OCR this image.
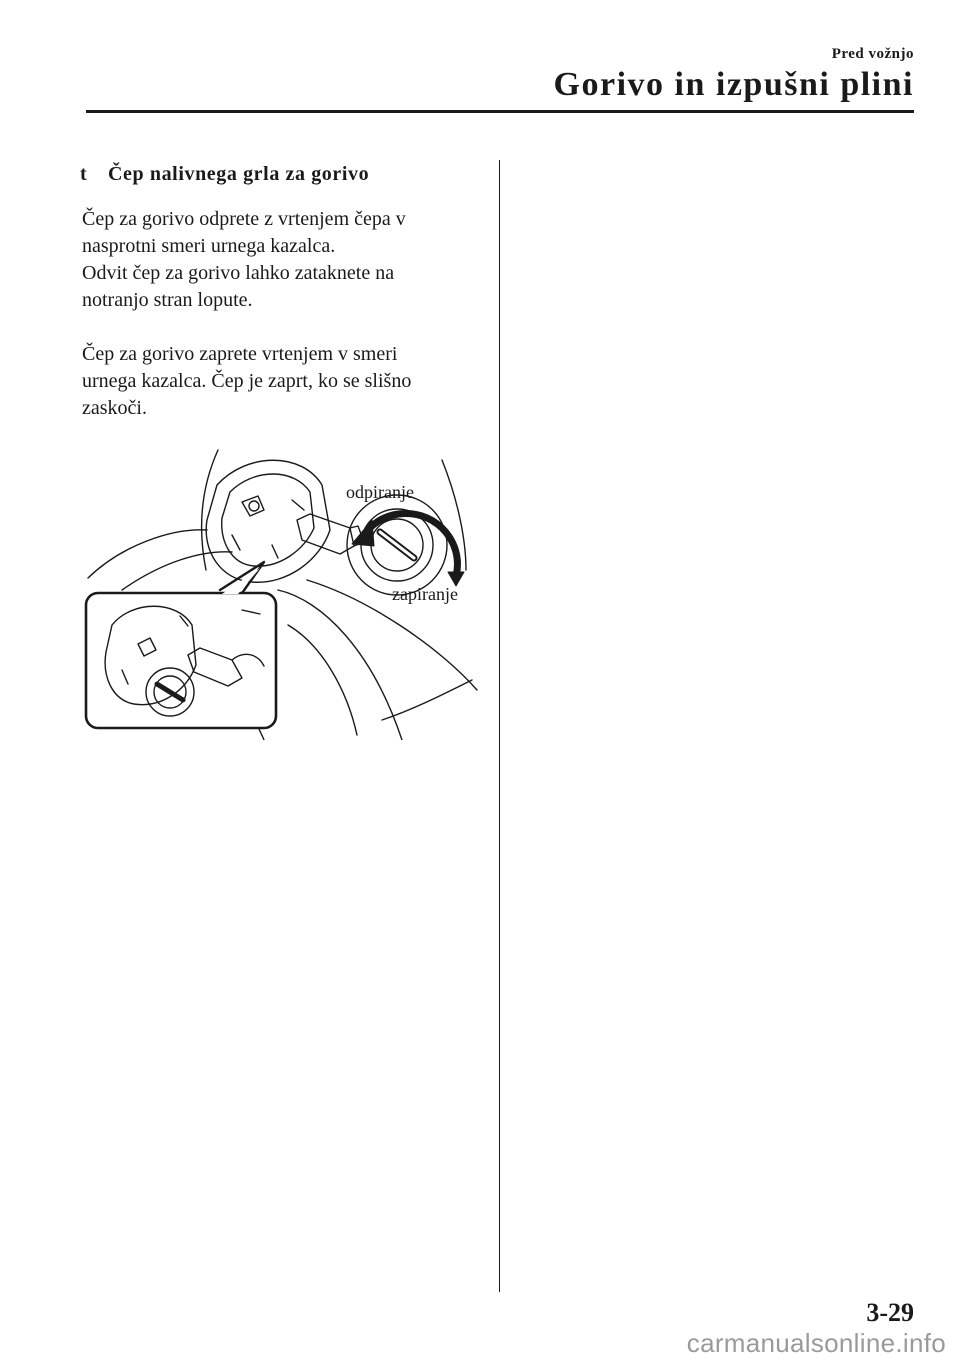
Pred vožnjo
Gorivo in izpušni plini
t Čep nalivnega grla za gorivo

Čep za gorivo odprete z vrtenjem čepa v
nasprotni smeri urnega kazalca.
Odvit čep za gorivo lahko zataknete na
notranjo stran lopute.

Čep za gorivo zaprete vrtenjem v smeri
urnega kazalca. Čep je zaprt, ko se slišno
zaskoči.

odpiranje
zapiranje
3-29
carmanualsonline.info
